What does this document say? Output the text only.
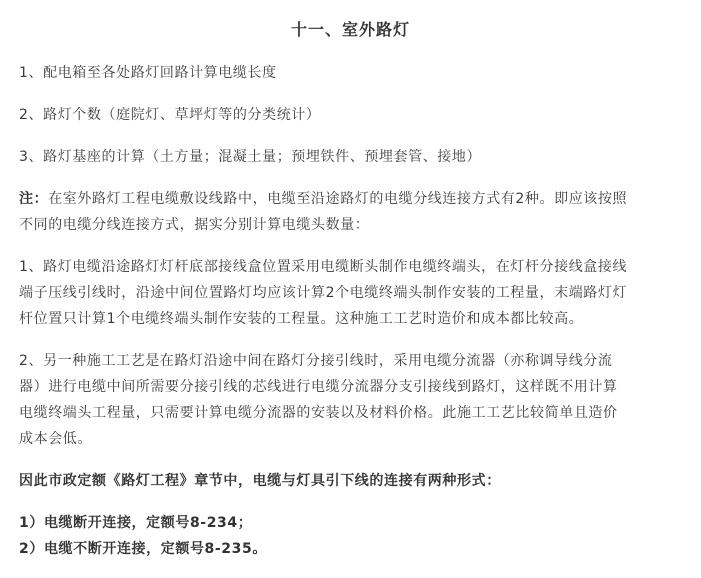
十一、室外路灯
1、配电箱至各处路灯回路计算电缆长度
2、路灯个数（庭院灯、草坪灯等的分类统计）
3、路灯基座的计算（土方量；混凝土量；预埋铁件、预埋套管、接地）
注：在室外路灯工程电缆敷设线路中，电缆至沿途路灯的电缆分线连接方式有2种。即应该按照
不同的电缆分线连接方式，据实分别计算电缆头数量：
1、路灯电缆沿途路灯灯杆底部接线盒位置采用电缆断头制作电缆终端头，在灯杆分接线盒接线
端子压线引线时，沿途中间位置路灯均应该计算2个电缆终端头制作安装的工程量，末端路灯灯
杆位置只计算1个电缆终端头制作安装的工程量。这种施工工艺时造价和成本都比较高。
2、另一种施工工艺是在路灯沿途中间在路灯分接引线时，采用电缆分流器（亦称调导线分流
器）进行电缆中间所需要分接引线的芯线进行电缆分流器分支引接线到路灯，这样既不用计算
电缆终端头工程量，只需要计算电缆分流器的安装以及材料价格。此施工工艺比较简单且造价
成本会低。
因此市政定额《路灯工程》章节中，电缆与灯具引下线的连接有两种形式：
1）电缆断开连接，定额号8-234；
2）电缆不断开连接，定额号8-235。
